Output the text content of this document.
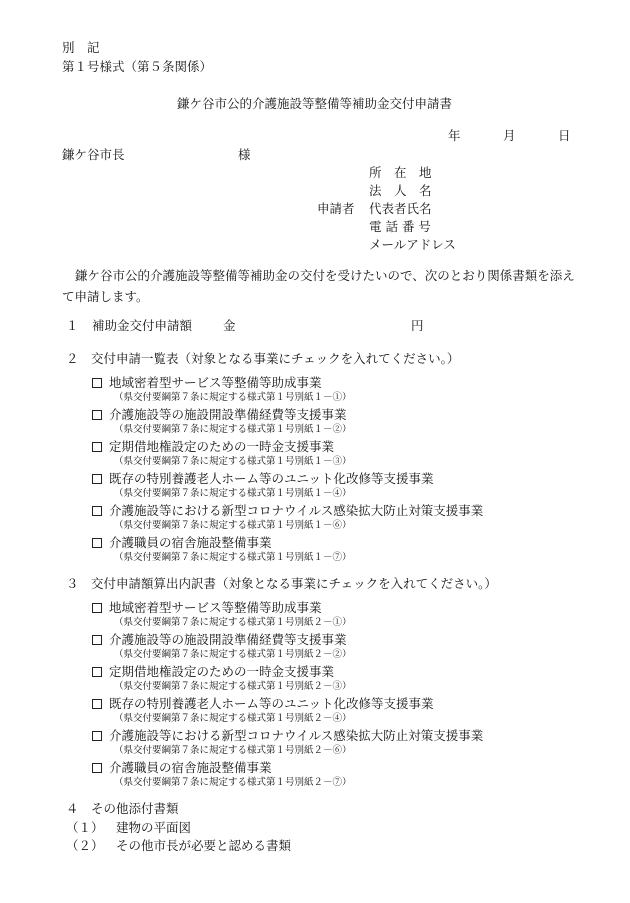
別　記
第１号様式（第５条関係）
鎌ケ谷市公的介護施設等整備等補助金交付申請書
年	月	日
鎌ケ谷市長	様
所　在　地
法　人　名
申請者 代表者氏名
電 話 番 号
メールアドレス
鎌ケ谷市公的介護施設等整備等補助金の交付を受けたいので、次のとおり関係書類を添えて申請します。
１ 補助金交付申請額 金	円
２　交付申請一覧表（対象となる事業にチェックを入れてください。）
地域密着型サービス等整備等助成事業
（県交付要綱第７条に規定する様式第１号別紙１－①）
介護施設等の施設開設準備経費等支援事業
（県交付要綱第７条に規定する様式第１号別紙１－②）
定期借地権設定のための一時金支援事業
（県交付要綱第７条に規定する様式第１号別紙１－③）
既存の特別養護老人ホーム等のユニット化改修等支援事業
（県交付要綱第７条に規定する様式第１号別紙１－④）
介護施設等における新型コロナウイルス感染拡大防止対策支援事業
（県交付要綱第７条に規定する様式第１号別紙１－⑥）
介護職員の宿舎施設整備事業
（県交付要綱第７条に規定する様式第１号別紙１－⑦）
３　交付申請額算出内訳書（対象となる事業にチェックを入れてください。）
地域密着型サービス等整備等助成事業
（県交付要綱第７条に規定する様式第１号別紙２－①）
介護施設等の施設開設準備経費等支援事業
（県交付要綱第７条に規定する様式第１号別紙２－②）
定期借地権設定のための一時金支援事業
（県交付要綱第７条に規定する様式第１号別紙２－③）
既存の特別養護老人ホーム等のユニット化改修等支援事業
（県交付要綱第７条に規定する様式第１号別紙２－④）
介護施設等における新型コロナウイルス感染拡大防止対策支援事業
（県交付要綱第７条に規定する様式第１号別紙２－⑥）
介護職員の宿舎施設整備事業
（県交付要綱第７条に規定する様式第１号別紙２－⑦）
４　その他添付書類
（１） 建物の平面図
（２） その他市長が必要と認める書類
